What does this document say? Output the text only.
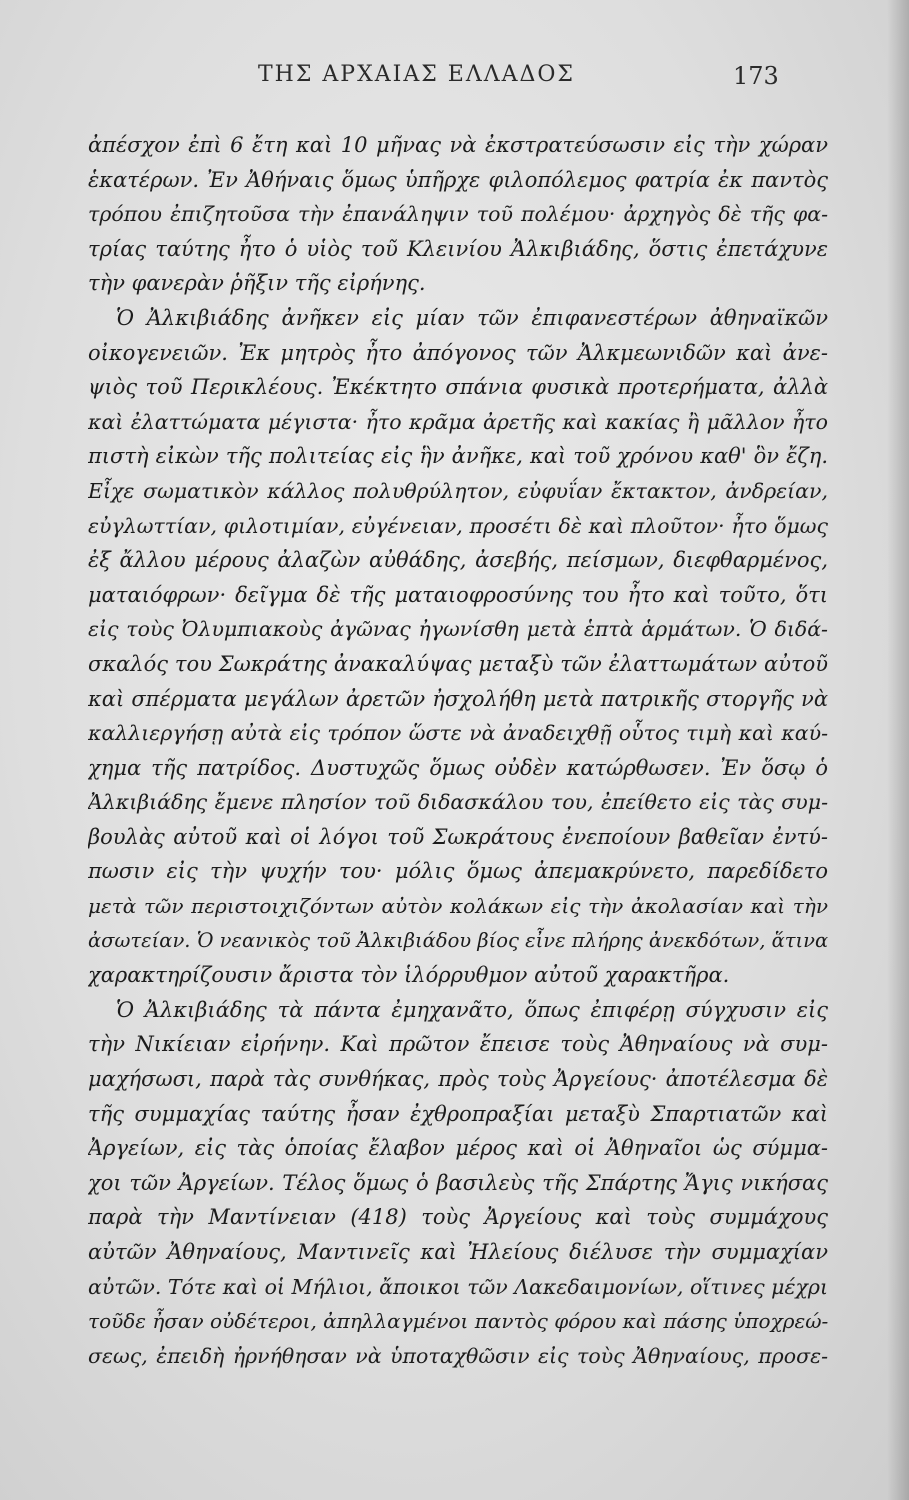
ΤΗΣ ΑΡΧΑΙΑΣ ΕΛΛΑΔΟΣ	173
ἀπέσχον ἐπὶ 6 ἔτη καὶ 10 μῆνας νὰ ἐκστρατεύσωσιν εἰς τὴν χώραν
ἑκατέρων. Ἐν Ἀθήναις ὅμως ὑπῆρχε φιλοπόλεμος φατρία ἐκ παντὸς
τρόπου ἐπιζητοῦσα τὴν ἐπανάληψιν τοῦ πολέμου· ἀρχηγὸς δὲ τῆς φα-
τρίας ταύτης ἦτο ὁ υἱὸς τοῦ Κλεινίου Ἀλκιβιάδης, ὅστις ἐπετάχυνε
τὴν φανερὰν ῥῆξιν τῆς εἰρήνης.
Ὁ Ἀλκιβιάδης ἀνῆκεν εἰς μίαν τῶν ἐπιφανεστέρων ἀθηναϊκῶν
οἰκογενειῶν. Ἐκ μητρὸς ἦτο ἀπόγονος τῶν Ἀλκμεωνιδῶν καὶ ἀνε-
ψιὸς τοῦ Περικλέους. Ἐκέκτητο σπάνια φυσικὰ προτερήματα, ἀλλὰ
καὶ ἐλαττώματα μέγιστα· ἦτο κρᾶμα ἀρετῆς καὶ κακίας ἢ μᾶλλον ἦτο
πιστὴ εἰκὼν τῆς πολιτείας εἰς ἣν ἀνῆκε, καὶ τοῦ χρόνου καθ' ὃν ἔζη.
Εἶχε σωματικὸν κάλλος πολυθρύλητον, εὐφυΐαν ἔκτακτον, ἀνδρείαν,
εὐγλωττίαν, φιλοτιμίαν, εὐγένειαν, προσέτι δὲ καὶ πλοῦτον· ἦτο ὅμως
ἐξ ἄλλου μέρους ἀλαζὼν αὐθάδης, ἀσεβής, πείσμων, διεφθαρμένος,
ματαιόφρων· δεῖγμα δὲ τῆς ματαιοφροσύνης του ἦτο καὶ τοῦτο, ὅτι
εἰς τοὺς Ὀλυμπιακοὺς ἀγῶνας ἠγωνίσθη μετὰ ἑπτὰ ἁρμάτων. Ὁ διδά-
σκαλός του Σωκράτης ἀνακαλύψας μεταξὺ τῶν ἐλαττωμάτων αὐτοῦ
καὶ σπέρματα μεγάλων ἀρετῶν ἠσχολήθη μετὰ πατρικῆς στοργῆς νὰ
καλλιεργήσῃ αὐτὰ εἰς τρόπον ὥστε νὰ ἀναδειχθῇ οὗτος τιμὴ καὶ καύ-
χημα τῆς πατρίδος. Δυστυχῶς ὅμως οὐδὲν κατώρθωσεν. Ἐν ὅσῳ ὁ
Ἀλκιβιάδης ἔμενε πλησίον τοῦ διδασκάλου του, ἐπείθετο εἰς τὰς συμ-
βουλὰς αὐτοῦ καὶ οἱ λόγοι τοῦ Σωκράτους ἐνεποίουν βαθεῖαν ἐντύ-
πωσιν εἰς τὴν ψυχήν του· μόλις ὅμως ἀπεμακρύνετο, παρεδίδετο
μετὰ τῶν περιστοιχιζόντων αὐτὸν κολάκων εἰς τὴν ἀκολασίαν καὶ τὴν
ἀσωτείαν. Ὁ νεανικὸς τοῦ Ἀλκιβιάδου βίος εἶνε πλήρης ἀνεκδότων, ἅτινα
χαρακτηρίζουσιν ἄριστα τὸν ἱλόρρυθμον αὐτοῦ χαρακτῆρα.
Ὁ Ἀλκιβιάδης τὰ πάντα ἐμηχανᾶτο, ὅπως ἐπιφέρῃ σύγχυσιν εἰς
τὴν Νικίειαν εἰρήνην. Καὶ πρῶτον ἔπεισε τοὺς Ἀθηναίους νὰ συμ-
μαχήσωσι, παρὰ τὰς συνθήκας, πρὸς τοὺς Ἀργείους· ἀποτέλεσμα δὲ
τῆς συμμαχίας ταύτης ἦσαν ἐχθροπραξίαι μεταξὺ Σπαρτιατῶν καὶ
Ἀργείων, εἰς τὰς ὁποίας ἔλαβον μέρος καὶ οἱ Ἀθηναῖοι ὡς σύμμα-
χοι τῶν Ἀργείων. Τέλος ὅμως ὁ βασιλεὺς τῆς Σπάρτης Ἄγις νικήσας
παρὰ τὴν Μαντίνειαν (418) τοὺς Ἀργείους καὶ τοὺς συμμάχους
αὐτῶν Ἀθηναίους, Μαντινεῖς καὶ Ἠλείους διέλυσε τὴν συμμαχίαν
αὐτῶν. Τότε καὶ οἱ Μήλιοι, ἄποικοι τῶν Λακεδαιμονίων, οἵτινες μέχρι
τοῦδε ἦσαν οὐδέτεροι, ἀπηλλαγμένοι παντὸς φόρου καὶ πάσης ὑποχρεώ-
σεως, ἐπειδὴ ἠρνήθησαν νὰ ὑποταχθῶσιν εἰς τοὺς Ἀθηναίους, προσε-
